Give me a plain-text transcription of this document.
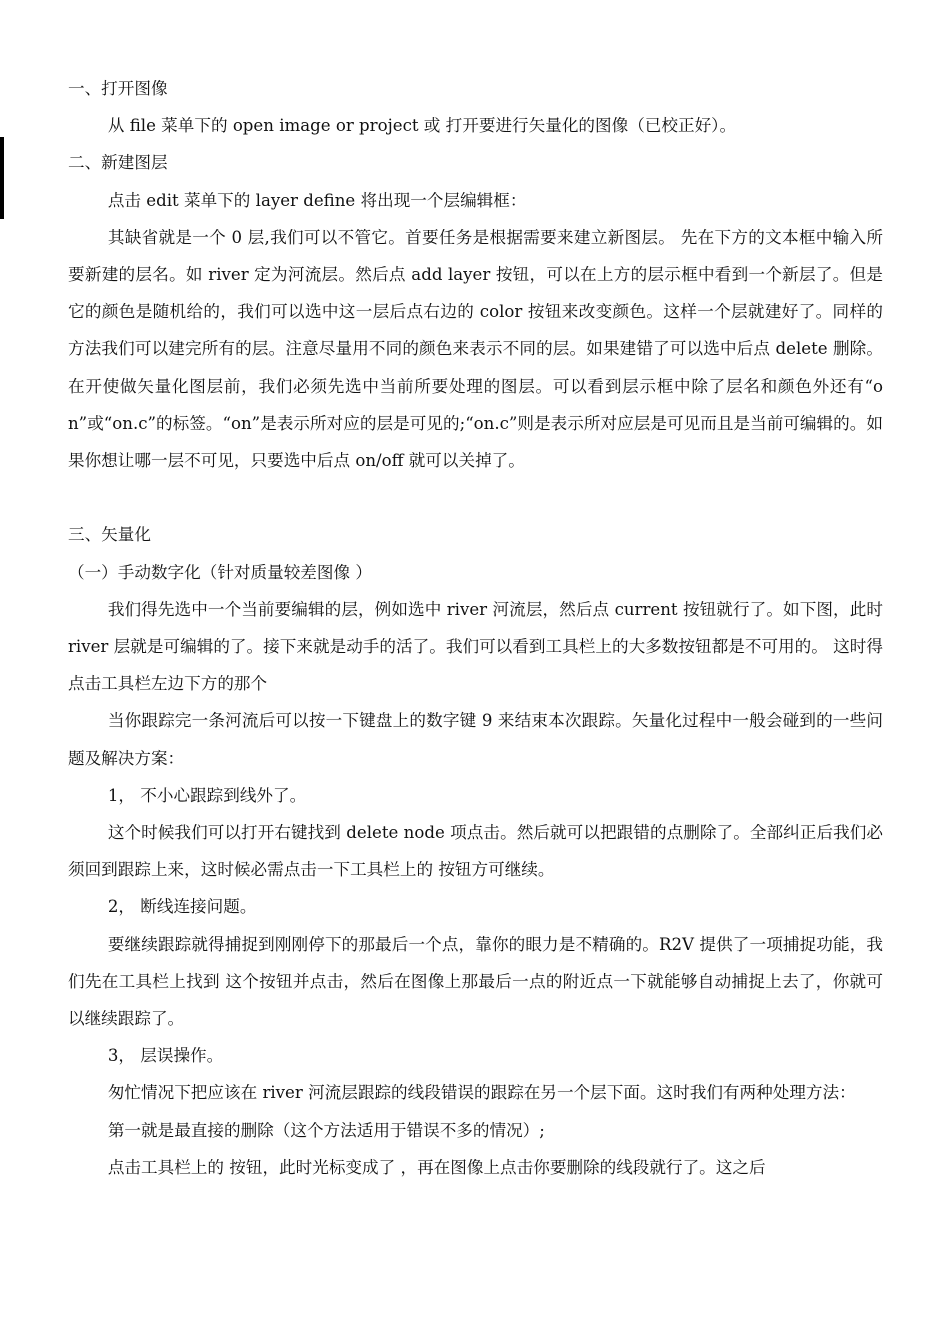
一、打开图像

从 file 菜单下的 open image or project 或 打开要进行矢量化的图像（已校正好）。

二、新建图层

点击 edit 菜单下的 layer define 将出现一个层编辑框：

其缺省就是一个 0 层,我们可以不管它。首要任务是根据需要来建立新图层。 先在下方的文本框中输入所要新建的层名。如 river 定为河流层。然后点 add layer 按钮，可以在上方的层示框中看到一个新层了。但是它的颜色是随机给的，我们可以选中这一层后点右边的 color 按钮来改变颜色。这样一个层就建好了。同样的方法我们可以建完所有的层。注意尽量用不同的颜色来表示不同的层。如果建错了可以选中后点 delete 删除。在开使做矢量化图层前，我们必须先选中当前所要处理的图层。可以看到层示框中除了层名和颜色外还有“on”或“on.c”的标签。“on”是表示所对应的层是可见的;“on.c”则是表示所对应层是可见而且是当前可编辑的。如果你想让哪一层不可见，只要选中后点 on/off 就可以关掉了。

三、矢量化

（一）手动数字化（针对质量较差图像 ）

我们得先选中一个当前要编辑的层，例如选中 river 河流层，然后点 current 按钮就行了。如下图，此时 river 层就是可编辑的了。接下来就是动手的活了。我们可以看到工具栏上的大多数按钮都是不可用的。 这时得点击工具栏左边下方的那个

当你跟踪完一条河流后可以按一下键盘上的数字键 9 来结束本次跟踪。矢量化过程中一般会碰到的一些问题及解决方案：

1， 不小心跟踪到线外了。

这个时候我们可以打开右键找到 delete node 项点击。然后就可以把跟错的点删除了。全部纠正后我们必须回到跟踪上来，这时候必需点击一下工具栏上的 按钮方可继续。

2， 断线连接问题。

要继续跟踪就得捕捉到刚刚停下的那最后一个点，靠你的眼力是不精确的。R2V 提供了一项捕捉功能，我们先在工具栏上找到 这个按钮并点击，然后在图像上那最后一点的附近点一下就能够自动捕捉上去了，你就可以继续跟踪了。

3， 层误操作。

匆忙情况下把应该在 river 河流层跟踪的线段错误的跟踪在另一个层下面。这时我们有两种处理方法：

第一就是最直接的删除（这个方法适用于错误不多的情况）;

点击工具栏上的 按钮，此时光标变成了 ，再在图像上点击你要删除的线段就行了。这之后
